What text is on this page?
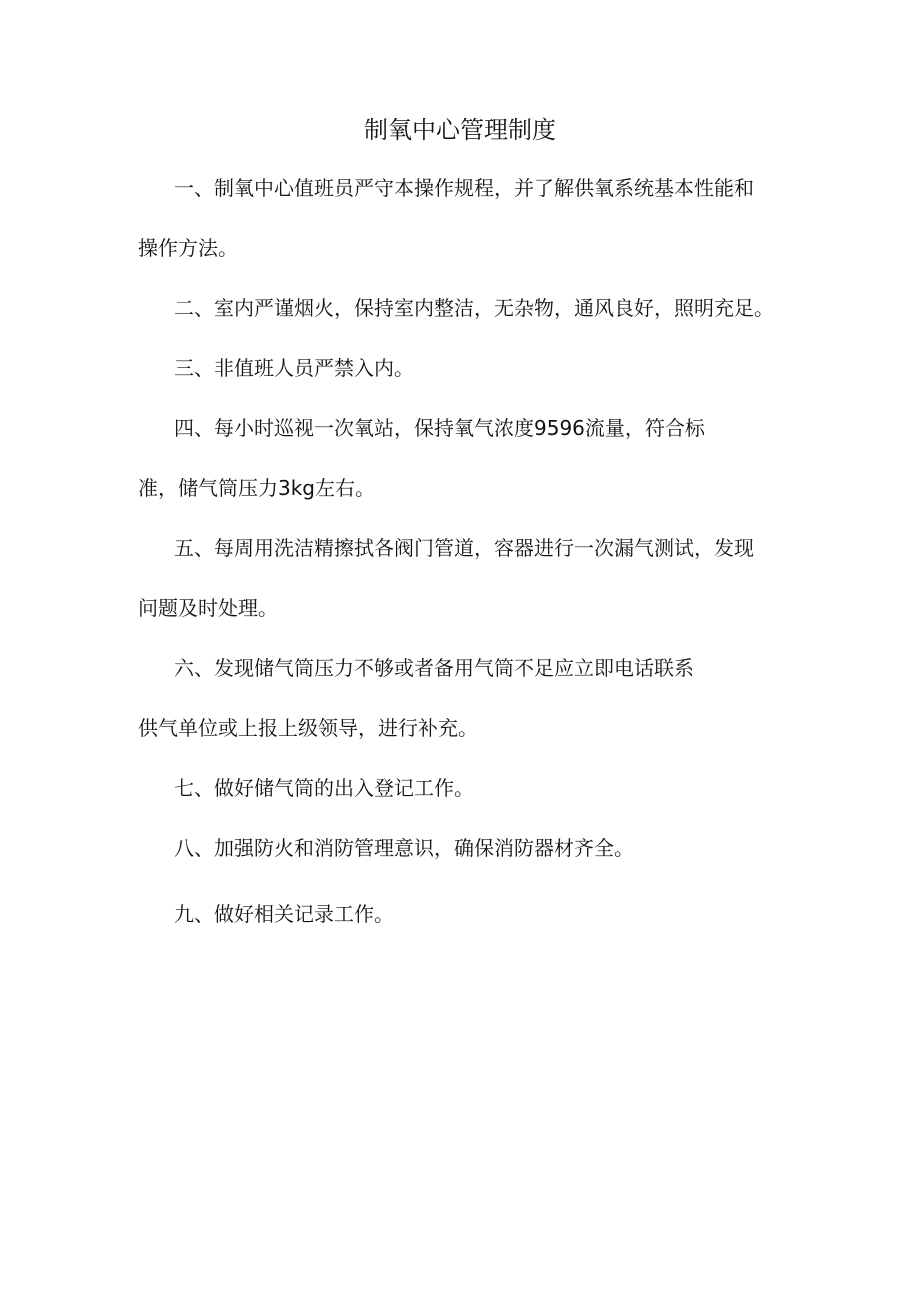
制氧中心管理制度

一、制氧中心值班员严守本操作规程，并了解供氧系统基本性能和

操作方法。

二、室内严谨烟火，保持室内整洁，无杂物，通风良好，照明充足。

三、非值班人员严禁入内。

四、每小时巡视一次氧站，保持氧气浓度9596流量，符合标

准，储气筒压力3kg左右。

五、每周用洗洁精擦拭各阀门管道，容器进行一次漏气测试，发现

问题及时处理。

六、发现储气筒压力不够或者备用气筒不足应立即电话联系

供气单位或上报上级领导，进行补充。

七、做好储气筒的出入登记工作。

八、加强防火和消防管理意识，确保消防器材齐全。

九、做好相关记录工作。
